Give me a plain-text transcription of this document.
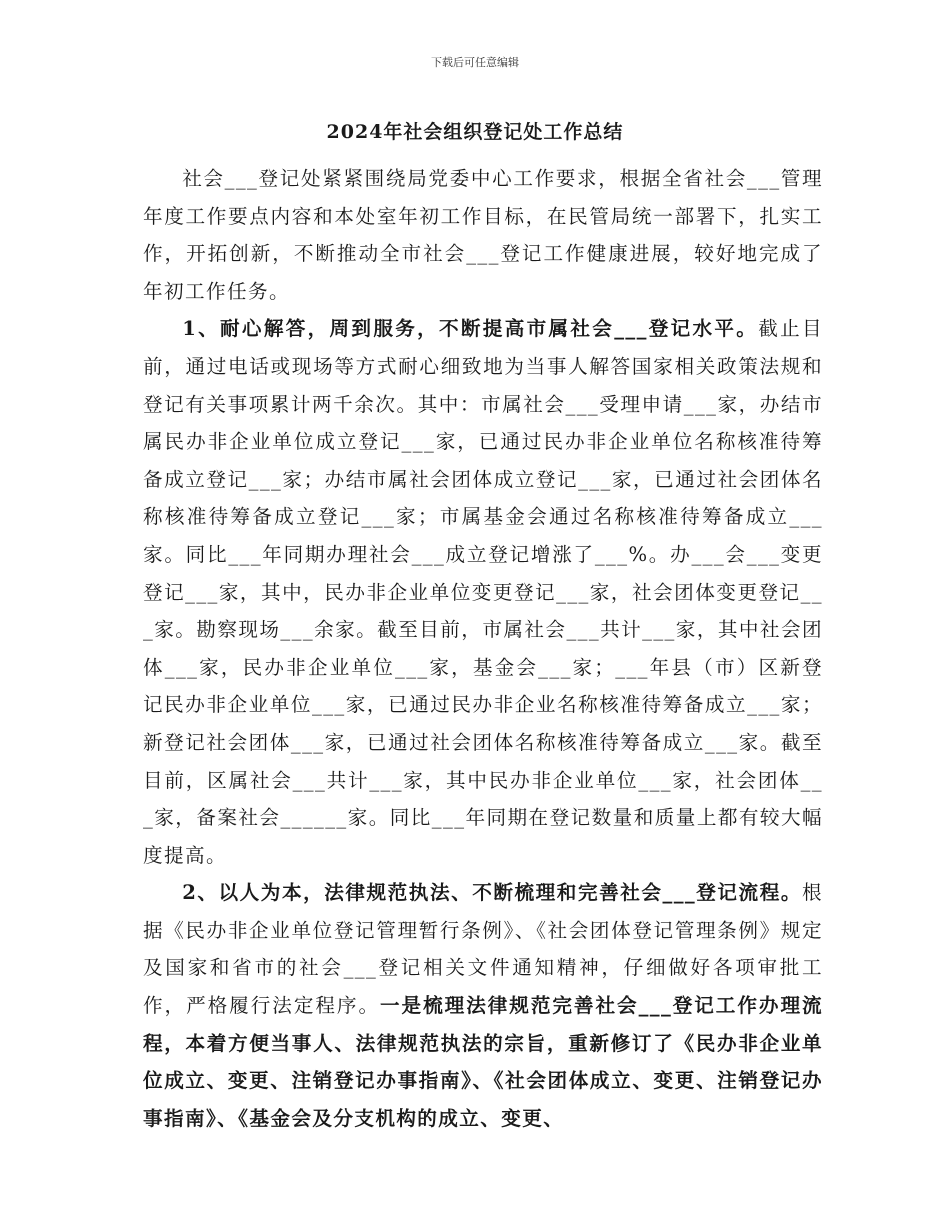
下载后可任意编辑
2024年社会组织登记处工作总结

社会___登记处紧紧围绕局党委中心工作要求，根据全省社会___管理年度工作要点内容和本处室年初工作目标，在民管局统一部署下，扎实工作，开拓创新，不断推动全市社会___登记工作健康进展，较好地完成了年初工作任务。

1、耐心解答，周到服务，不断提高市属社会___登记水平。截止目前，通过电话或现场等方式耐心细致地为当事人解答国家相关政策法规和登记有关事项累计两千余次。其中：市属社会___受理申请___家，办结市属民办非企业单位成立登记___家，已通过民办非企业单位名称核准待筹备成立登记___家；办结市属社会团体成立登记___家，已通过社会团体名称核准待筹备成立登记___家；市属基金会通过名称核准待筹备成立___家。同比___年同期办理社会___成立登记增涨了___%。办___会___变更登记___家，其中，民办非企业单位变更登记___家，社会团体变更登记___家。勘察现场___余家。截至目前，市属社会___共计___家，其中社会团体___家，民办非企业单位___家，基金会___家；___年县（市）区新登记民办非企业单位___家，已通过民办非企业名称核准待筹备成立___家；新登记社会团体___家，已通过社会团体名称核准待筹备成立___家。截至目前，区属社会___共计___家，其中民办非企业单位___家，社会团体___家，备案社会______家。同比___年同期在登记数量和质量上都有较大幅度提高。

2、以人为本，法律规范执法、不断梳理和完善社会___登记流程。根据《民办非企业单位登记管理暂行条例》、《社会团体登记管理条例》规定及国家和省市的社会___登记相关文件通知精神，仔细做好各项审批工作，严格履行法定程序。一是梳理法律规范完善社会___登记工作办理流程，本着方便当事人、法律规范执法的宗旨，重新修订了《民办非企业单位成立、变更、注销登记办事指南》、《社会团体成立、变更、注销登记办事指南》、《基金会及分支机构的成立、变更、
